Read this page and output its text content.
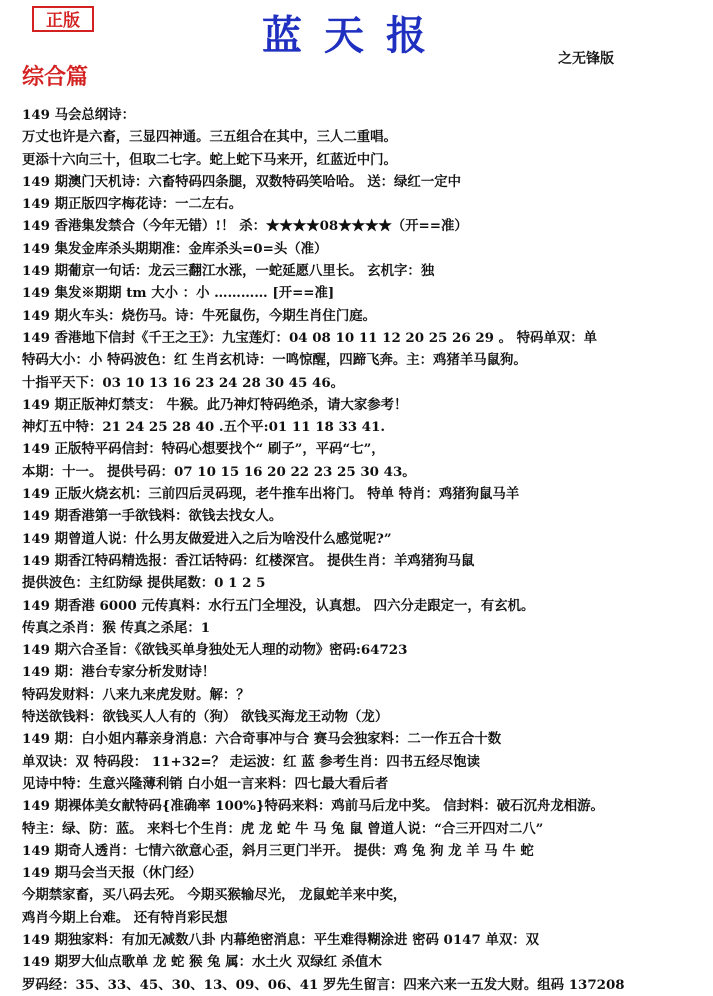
正版	蓝天报	之无锋版
综合篇
149 马会总纲诗：
万丈也许是六畜，三显四神通。三五组合在其中，三人二重唱。
更添十六向三十，但取二七字。蛇上蛇下马来开，红蓝近中门。
149 期澳门天机诗：六畜特码四条腿，双数特码笑哈哈。 送：绿红一定中
149 期正版四字梅花诗：一二左右。
149 香港集发禁合（今年无错）!！ 杀：★★★★08★★★★（开==准）
149 集发金库杀头期期准：金库杀头=0=头（准）
149 期葡京一句话：龙云三翻江水涨，一蛇延愿八里长。 玄机字：独
149 集发※期期 tm 大小 ：小 ………… [开==准]
149 期火车头：烧伤马。诗：牛死鼠伤，今期生肖住门庭。
149 香港地下信封《千王之王》：九宝莲灯：04 08 10 11 12 20 25 26 29 。 特码单双：单
特码大小：小 特码波色：红 生肖玄机诗：一鸣惊醒，四蹄飞奔。主：鸡猪羊马鼠狗。
十指平天下：03 10 13 16 23 24 28 30 45 46。
149 期正版神灯禁支： 牛猴。此乃神灯特码绝杀，请大家参考！
神灯五中特：21 24 25 28 40 .五个平:01 11 18 33 41.
149 正版特平码信封：特码心想要找个“ 刷子”，平码“七”，
本期：十一。 提供号码：07 10 15 16 20 22 23 25 30 43。
149 正版火烧玄机：三前四后灵码现，老牛推车出将门。 特单 特肖：鸡猪狗鼠马羊
149 期香港第一手欲钱料：欲钱去找女人。
149 期曾道人说：什么男友做爱进入之后为啥没什么感觉呢?”
149 期香江特码精选报：香江话特码：红楼深宫。 提供生肖：羊鸡猪狗马鼠
提供波色：主红防绿 提供尾数：0 1 2 5
149 期香港 6000 元传真料：水行五门全埋没，认真想。 四六分走跟定一，有玄机。
传真之杀肖：猴 传真之杀尾：1
149 期六合圣旨：《欲钱买单身独处无人理的动物》密码:64723
149 期：港台专家分析发财诗！
特码发财料：八来九来虎发财。解：？
特送欲钱料：欲钱买人人有的（狗） 欲钱买海龙王动物（龙）
149 期：白小姐内幕亲身消息：六合奇事冲与合 赛马会独家料：二一作五合十数
单双诀：双 特码段： 11+32=？ 走运波：红 蓝 参考生肖：四书五经尽饱读
见诗中特：生意兴隆薄利销 白小姐一言来料：四七最大看后者
149 期裸体美女献特码{准确率 100%}特码来料：鸡前马后龙中奖。 信封料：破石沉舟龙相游。
特主：绿、防：蓝。 来料七个生肖：虎 龙 蛇 牛 马 兔 鼠 曾道人说：“合三开四对二八”
149 期奇人透肖：七情六欲意心歪，斜月三更门半开。 提供：鸡 兔 狗 龙 羊 马 牛 蛇
149 期马会当天报（休门经）
今期禁家畜，买八码去死。 今期买猴输尽光， 龙鼠蛇羊来中奖，
鸡肖今期上台难。 还有特肖彩民想
149 期独家料：有加无减数八卦 内幕绝密消息：平生难得糊涂进 密码 0147 单双：双
149 期罗大仙点歌单 龙 蛇 猴 兔 属：水土火 双绿红 杀值木
罗码经：35、33、45、30、13、09、06、41 罗先生留言：四来六来一五发大财。组码 137208
